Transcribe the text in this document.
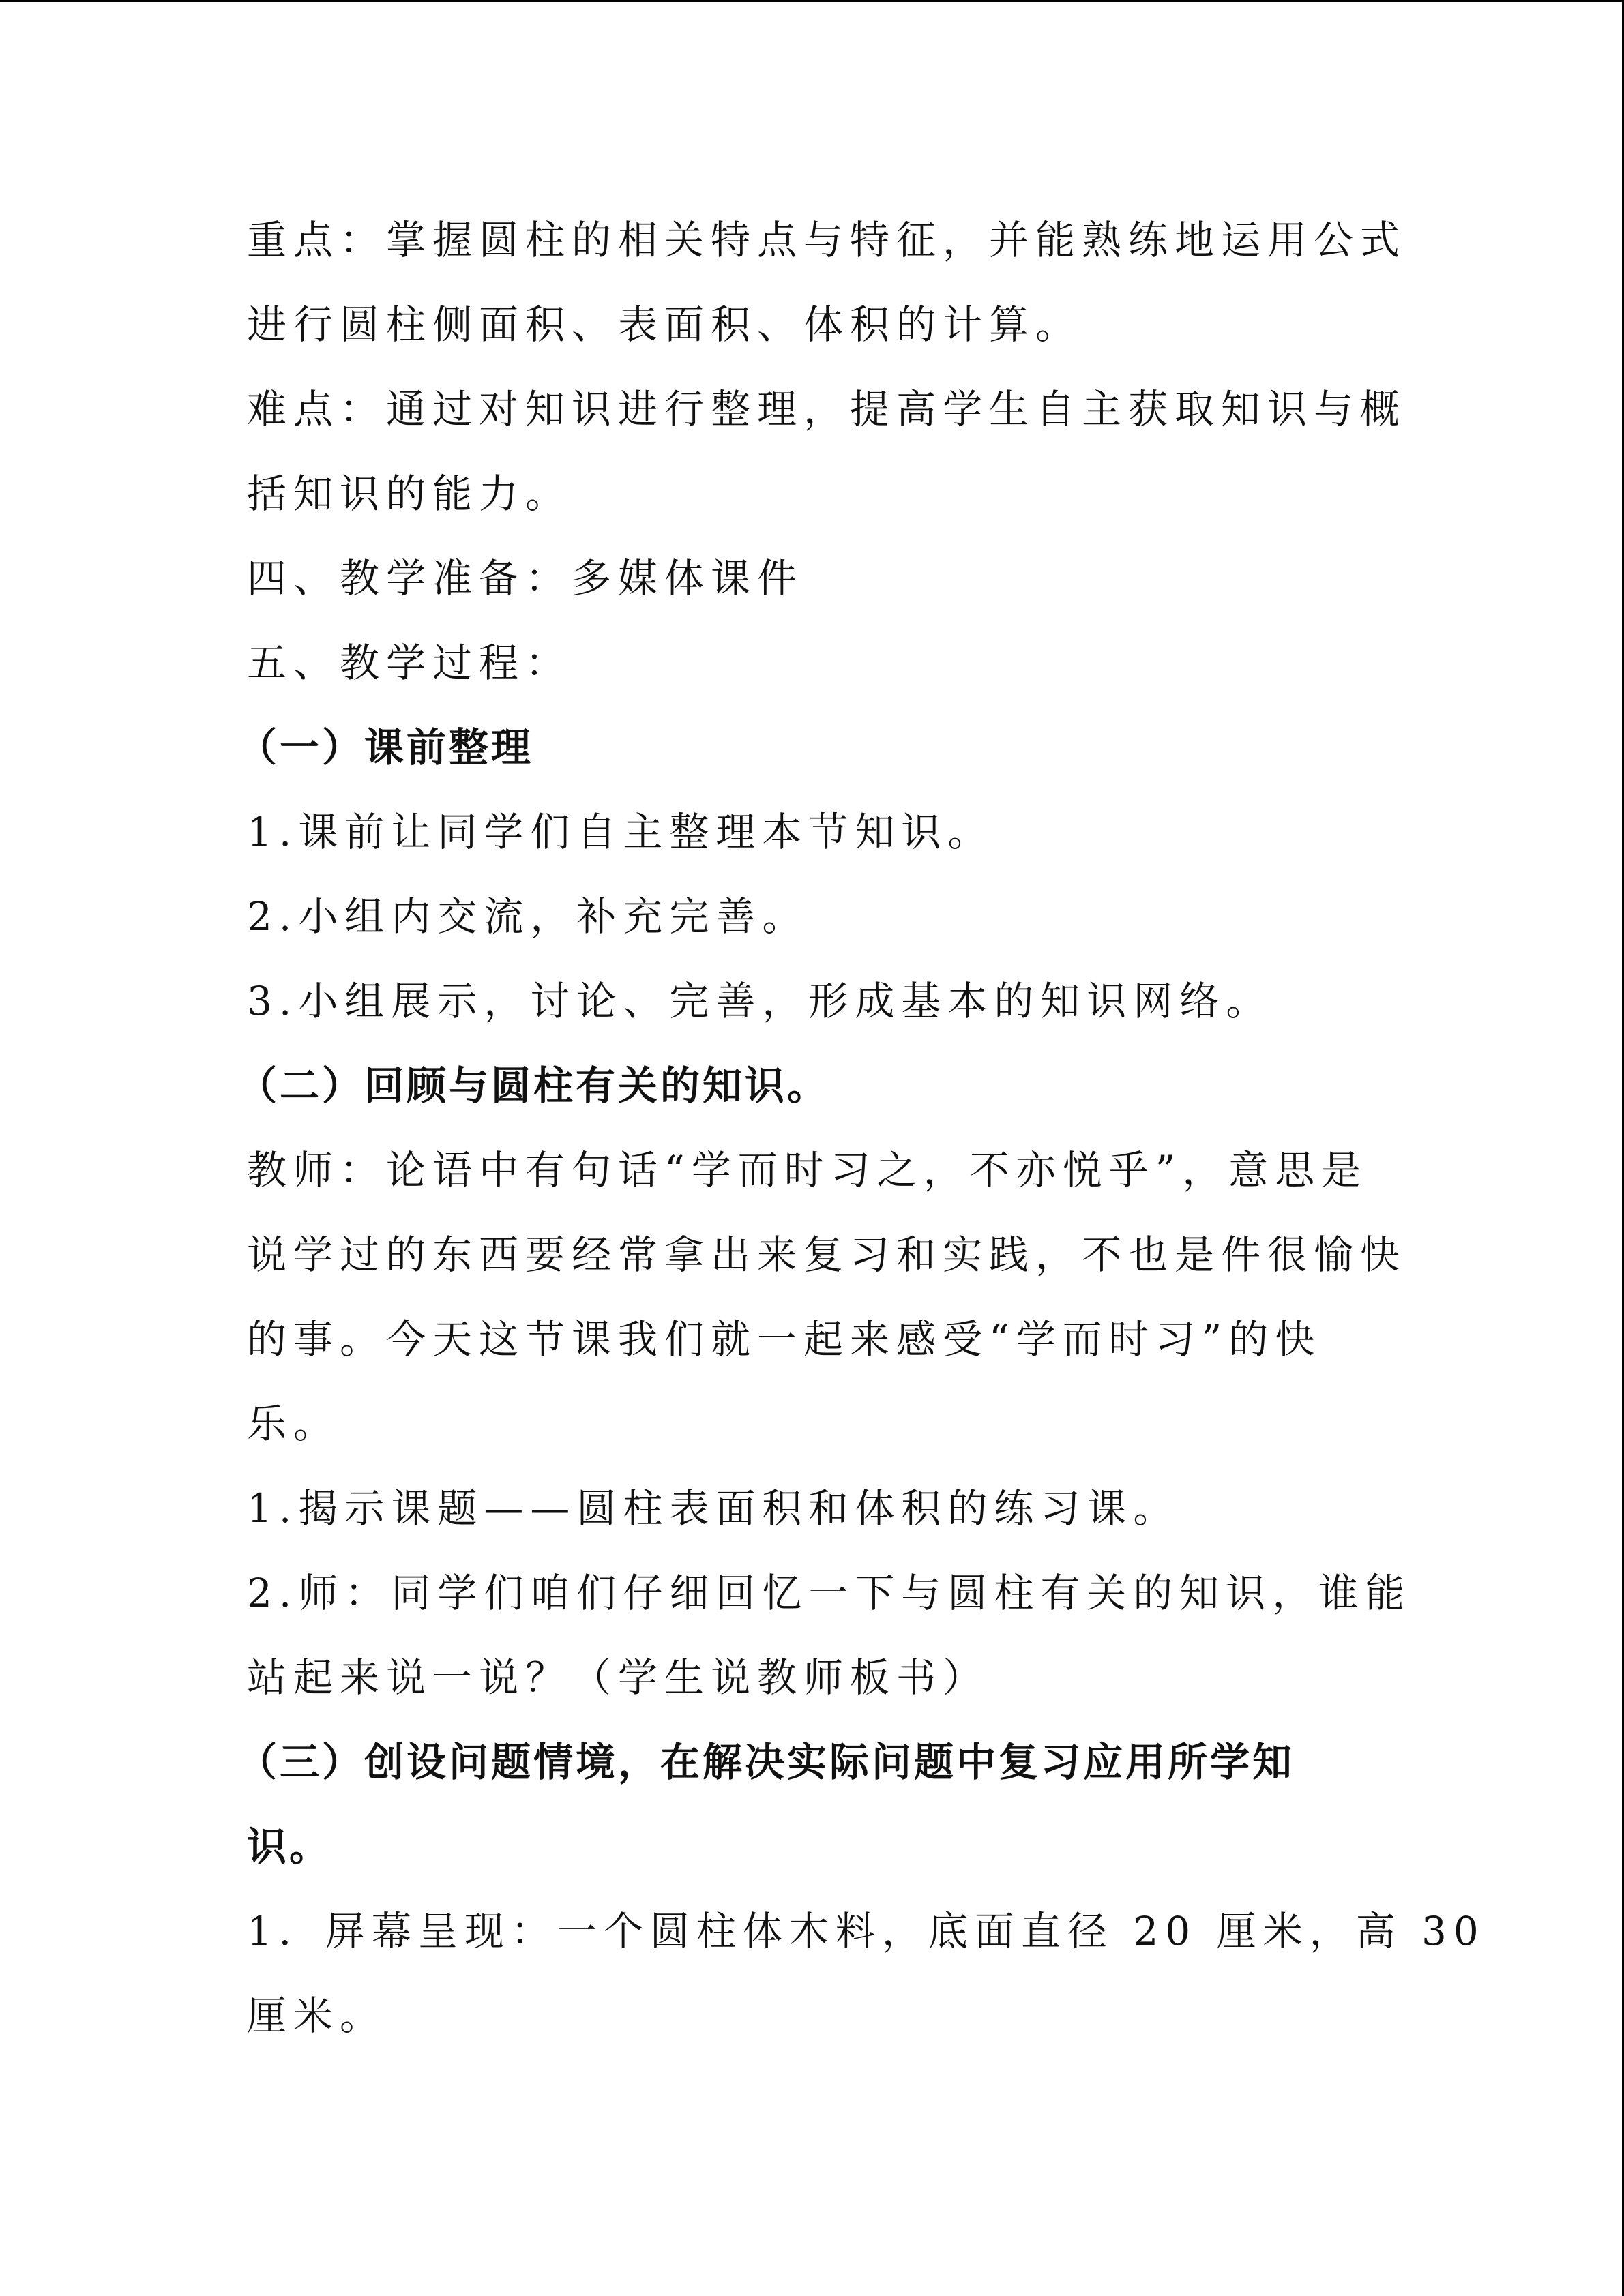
重点：掌握圆柱的相关特点与特征，并能熟练地运用公式
进行圆柱侧面积、表面积、体积的计算。
难点：通过对知识进行整理，提高学生自主获取知识与概
括知识的能力。
四、教学准备：多媒体课件
五、教学过程：
（一）课前整理
1.课前让同学们自主整理本节知识。
2.小组内交流，补充完善。
3.小组展示，讨论、完善，形成基本的知识网络。
（二）回顾与圆柱有关的知识。
教师：论语中有句话“学而时习之，不亦悦乎”，意思是
说学过的东西要经常拿出来复习和实践，不也是件很愉快
的事。今天这节课我们就一起来感受“学而时习”的快
乐。
1.揭示课题——圆柱表面积和体积的练习课。
2.师：同学们咱们仔细回忆一下与圆柱有关的知识，谁能
站起来说一说？（学生说教师板书）
（三）创设问题情境，在解决实际问题中复习应用所学知
识。
1．屏幕呈现：一个圆柱体木料，底面直径 20 厘米，高 30
厘米。
